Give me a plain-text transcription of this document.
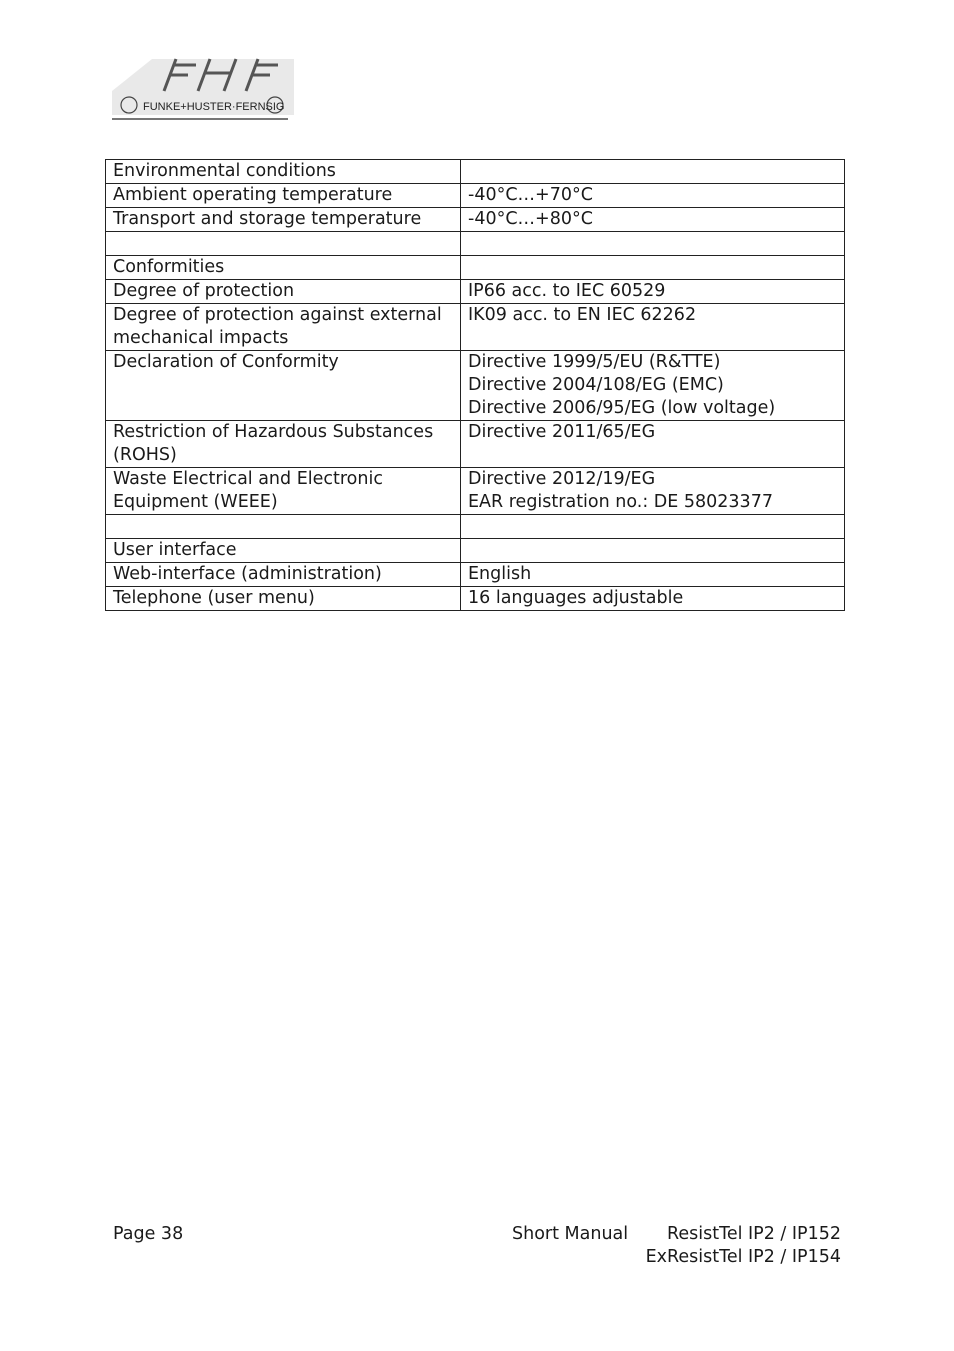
FUNKE+HUSTER·FERNSIG
Environmental conditions	
Ambient operating temperature	-40°C…+70°C
Transport and storage temperature	-40°C…+80°C

Conformities	
Degree of protection	IP66 acc. to IEC 60529
Degree of protection against external
mechanical impacts	IK09 acc. to EN IEC 62262
Declaration of Conformity	Directive 1999/5/EU (R&TTE)
Directive 2004/108/EG (EMC)
Directive 2006/95/EG (low voltage)
Restriction of Hazardous Substances
(ROHS)	Directive 2011/65/EG
Waste Electrical and Electronic
Equipment (WEEE)	Directive 2012/19/EG
EAR registration no.: DE 58023377

User interface	
Web-interface (administration)	English
Telephone (user menu)	16 languages adjustable
Page 38	Short Manual	ResistTel IP2 / IP152
ExResistTel IP2 / IP154
